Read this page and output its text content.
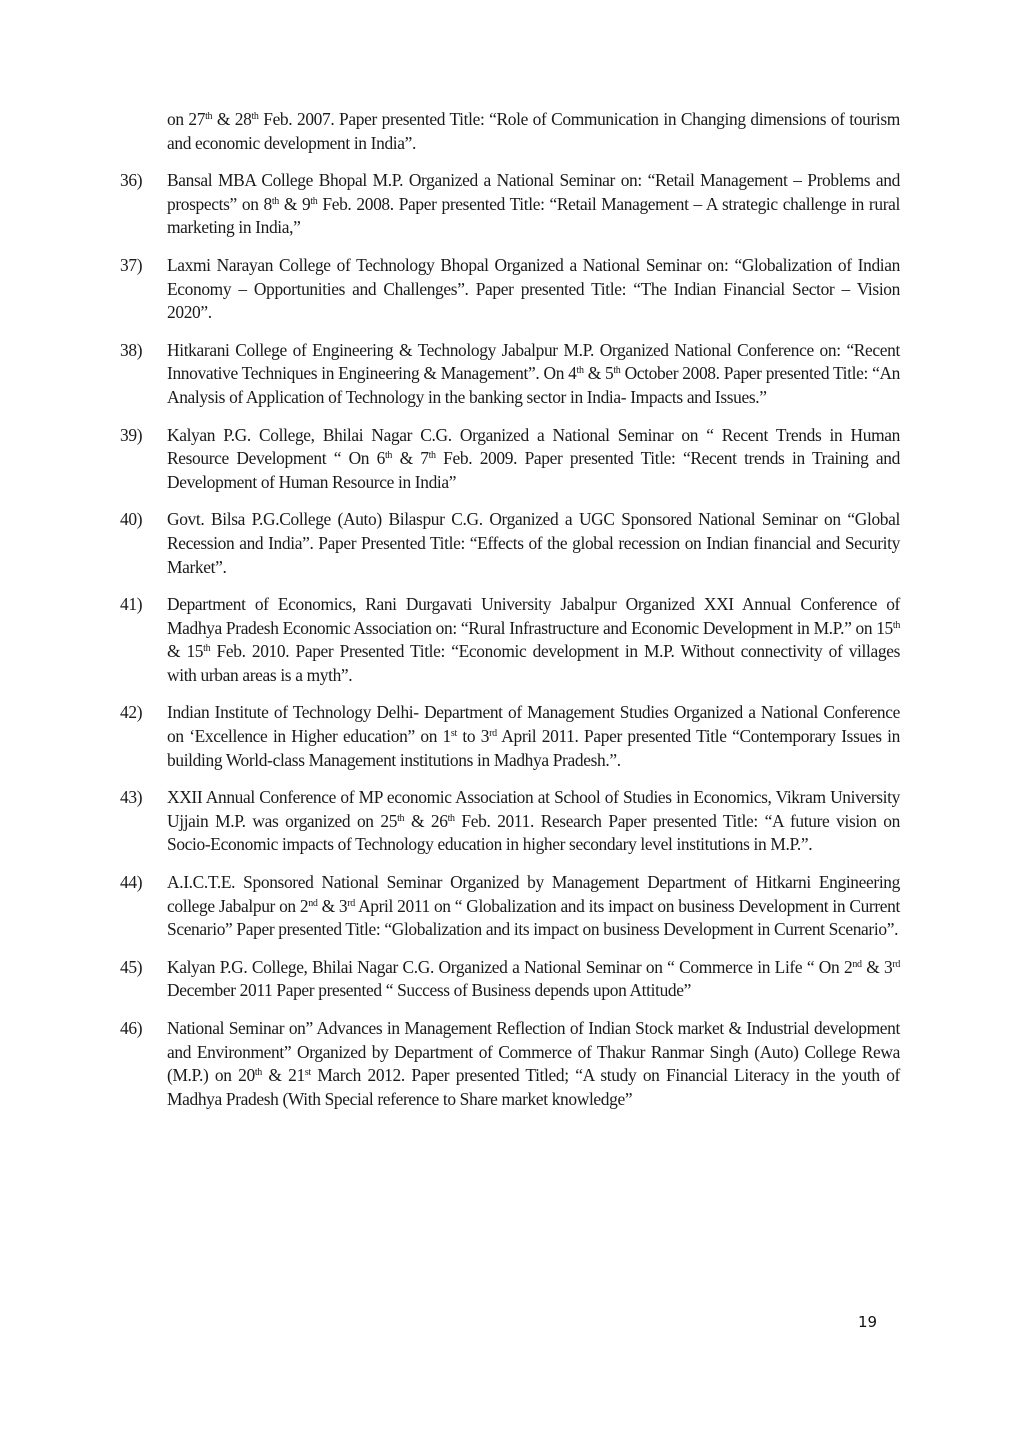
on 27th & 28th Feb. 2007. Paper presented Title: “Role of Communication in Changing dimensions of tourism and economic development in India”.
36)	Bansal MBA College Bhopal M.P. Organized a National Seminar on: “Retail Management – Problems and prospects” on 8th & 9th Feb. 2008. Paper presented Title: “Retail Management – A strategic challenge in rural marketing in India,”
37)	Laxmi Narayan College of Technology Bhopal Organized a National Seminar on: “Globalization of Indian Economy – Opportunities and Challenges”. Paper presented Title: “The Indian Financial Sector – Vision 2020”.
38)	Hitkarani College of Engineering & Technology Jabalpur M.P. Organized National Conference on: “Recent Innovative Techniques in Engineering & Management”. On 4th & 5th October 2008. Paper presented Title: “An Analysis of Application of Technology in the banking sector in India- Impacts and Issues.”
39)	Kalyan P.G. College, Bhilai Nagar C.G. Organized a National Seminar on “ Recent Trends in Human Resource Development “ On 6th & 7th Feb. 2009. Paper presented Title: “Recent trends in Training and Development of Human Resource in India”
40)	Govt. Bilsa P.G.College (Auto) Bilaspur C.G. Organized a UGC Sponsored National Seminar on “Global Recession and India”. Paper Presented Title: “Effects of the global recession on Indian financial and Security Market”.
41)	Department of Economics, Rani Durgavati University Jabalpur Organized XXI Annual Conference of Madhya Pradesh Economic Association on: “Rural Infrastructure and Economic Development in M.P.” on 15th & 15th Feb. 2010. Paper Presented Title: “Economic development in M.P. Without connectivity of villages with urban areas is a myth”.
42)	Indian Institute of Technology Delhi- Department of Management Studies Organized a National Conference on ‘Excellence in Higher education” on 1st to 3rd April 2011. Paper presented Title “Contemporary Issues in building World-class Management institutions in Madhya Pradesh.”.
43)	XXII Annual Conference of MP economic Association at School of Studies in Economics, Vikram University Ujjain M.P. was organized on 25th & 26th Feb. 2011. Research Paper presented Title: “A future vision on Socio-Economic impacts of Technology education in higher secondary level institutions in M.P.”.
44)	A.I.C.T.E. Sponsored National Seminar Organized by Management Department of Hitkarni Engineering college Jabalpur on 2nd & 3rd April 2011 on “ Globalization and its impact on business Development in Current Scenario” Paper presented Title: “Globalization and its impact on business Development in Current Scenario”.
45)	Kalyan P.G. College, Bhilai Nagar C.G. Organized a National Seminar on “ Commerce in Life “ On 2nd & 3rd December 2011 Paper presented “ Success of Business depends upon Attitude”
46)	National Seminar on” Advances in Management Reflection of Indian Stock market & Industrial development and Environment” Organized by Department of Commerce of Thakur Ranmar Singh (Auto) College Rewa (M.P.) on 20th & 21st March 2012. Paper presented Titled; “A study on Financial Literacy in the youth of Madhya Pradesh (With Special reference to Share market knowledge”
19
